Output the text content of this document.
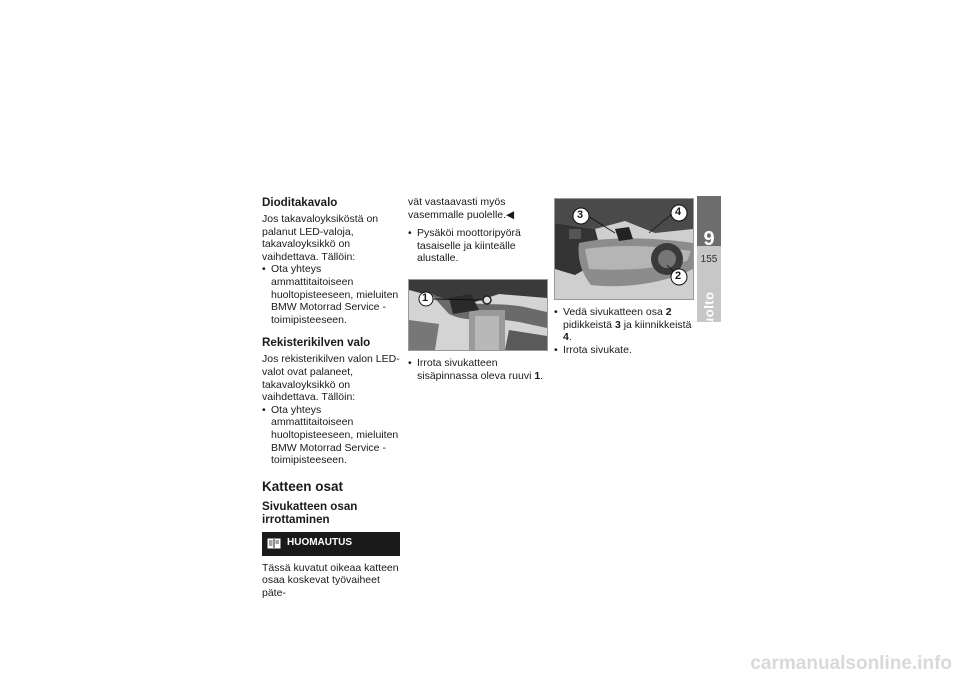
Dioditakavalo

Jos takavaloyksiköstä on palanut LED-valoja, takavaloyksikkö on vaihdettava. Tällöin:

• Ota yhteys ammattitaitoiseen huoltopisteeseen, mieluiten BMW Motorrad Service -toimipisteeseen.
Rekisterikilven valo

Jos rekisterikilven valon LED-valot ovat palaneet, takavaloyksikkö on vaihdettava. Tällöin:

• Ota yhteys ammattitaitoiseen huoltopisteeseen, mieluiten BMW Motorrad Service -toimipisteeseen.
Katteen osat
Sivukatteen osan irrottaminen
HUOMAUTUS

Tässä kuvatut oikeaa katteen osaa koskevat työvaiheet päte-

vät vastaavasti myös vasemmalle puolelle.◀

• Pysäköi moottoripyörä tasaiselle ja kiinteälle alustalle.
1
• Irrota sivukatteen sisäpinnassa oleva ruuvi 1.
3	4
2
• Vedä sivukatteen osa 2 pidikkeistä 3 ja kiinnikkeistä 4.
• Irrota sivukate.
9
155
Huolto
carmanualsonline.info
